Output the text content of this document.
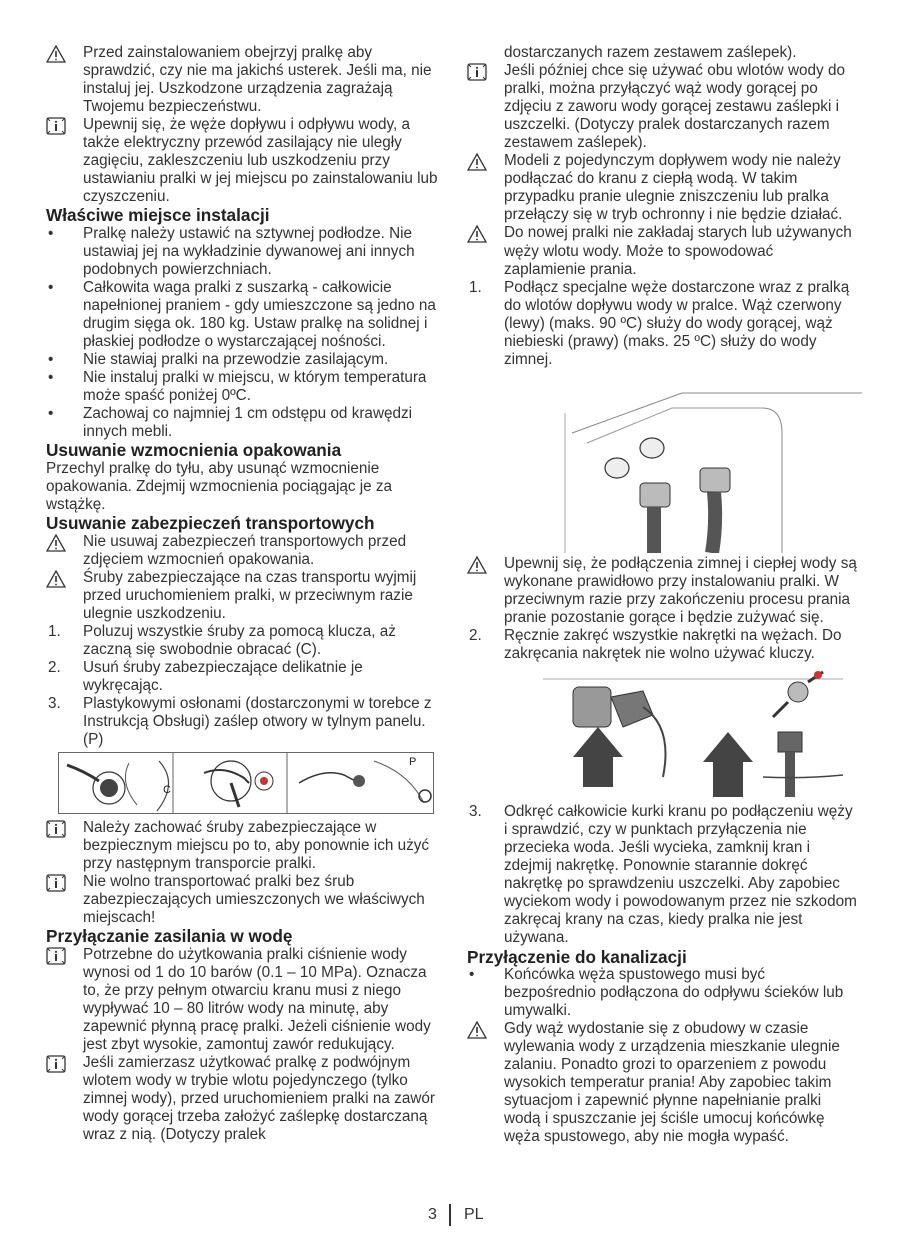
Przed zainstalowaniem obejrzyj pralkę aby sprawdzić, czy nie ma jakichś usterek. Jeśli ma, nie instaluj jej. Uszkodzone urządzenia zagrażają Twojemu bezpieczeństwu.
Upewnij się, że węże dopływu i odpływu wody, a także elektryczny przewód zasilający nie uległy zagięciu, zakleszczeniu lub uszkodzeniu przy ustawianiu pralki w jej miejscu po zainstalowaniu lub czyszczeniu.

Właściwe miejsce instalacji

• Pralkę należy ustawić na sztywnej podłodze. Nie ustawiaj jej na wykładzinie dywanowej ani innych podobnych powierzchniach.
• Całkowita waga pralki z suszarką - całkowicie napełnionej praniem - gdy umieszczone są jedno na drugim sięga ok. 180 kg. Ustaw pralkę na solidnej i płaskiej podłodze o wystarczającej nośności.
• Nie stawiaj pralki na przewodzie zasilającym.
• Nie instaluj pralki w miejscu, w którym temperatura może spaść poniżej 0ºC.
• Zachowaj co najmniej 1 cm odstępu od krawędzi innych mebli.

Usuwanie wzmocnienia opakowania

Przechyl pralkę do tyłu, aby usunąć wzmocnienie opakowania. Zdejmij wzmocnienia pociągając je za wstążkę.

Usuwanie zabezpieczeń transportowych

Nie usuwaj zabezpieczeń transportowych przed zdjęciem wzmocnień opakowania.
Śruby zabezpieczające na czas transportu wyjmij przed uruchomieniem pralki, w przeciwnym razie ulegnie uszkodzeniu.
1. Poluzuj wszystkie śruby za pomocą klucza, aż zaczną się swobodnie obracać (C).
2. Usuń śruby zabezpieczające delikatnie je wykręcając.
3. Plastykowymi osłonami (dostarczonymi w torebce z Instrukcją Obsługi) zaślep otwory w tylnym panelu. (P)
C
P
Należy zachować śruby zabezpieczające w bezpiecznym miejscu po to, aby ponownie ich użyć przy następnym transporcie pralki.
Nie wolno transportować pralki bez śrub zabezpieczających umieszczonych we właściwych miejscach!

Przyłączanie zasilania w wodę

Potrzebne do użytkowania pralki ciśnienie wody wynosi od 1 do 10 barów (0.1 – 10 MPa). Oznacza to, że przy pełnym otwarciu kranu musi z niego wypływać 10 – 80 litrów wody na minutę, aby zapewnić płynną pracę pralki. Jeżeli ciśnienie wody jest zbyt wysokie, zamontuj zawór redukujący.
Jeśli zamierzasz użytkować pralkę z podwójnym wlotem wody w trybie wlotu pojedynczego (tylko zimnej wody), przed uruchomieniem pralki na zawór wody gorącej trzeba założyć zaślepkę dostarczaną wraz z nią. (Dotyczy pralek
dostarczanych razem zestawem zaślepek).
Jeśli później chce się używać obu wlotów wody do pralki, można przyłączyć wąż wody gorącej po zdjęciu z zaworu wody gorącej zestawu zaślepki i uszczelki. (Dotyczy pralek dostarczanych razem zestawem zaślepek).
Modeli z pojedynczym dopływem wody nie należy podłączać do kranu z ciepłą wodą. W takim przypadku pranie ulegnie zniszczeniu lub pralka przełączy się w tryb ochronny i nie będzie działać.
Do nowej pralki nie zakładaj starych lub używanych węży wlotu wody. Może to spowodować zaplamienie prania.
1. Podłącz specjalne węże dostarczone wraz z pralką do wlotów dopływu wody w pralce. Wąż czerwony (lewy) (maks. 90 ºC) służy do wody gorącej, wąż niebieski (prawy) (maks. 25 ºC) służy do wody zimnej.
Upewnij się, że podłączenia zimnej i ciepłej wody są wykonane prawidłowo przy instalowaniu pralki. W przeciwnym razie przy zakończeniu procesu prania pranie pozostanie gorące i będzie zużywać się.
2. Ręcznie zakręć wszystkie nakrętki na wężach. Do zakręcania nakrętek nie wolno używać kluczy.
3. Odkręć całkowicie kurki kranu po podłączeniu węży i sprawdzić, czy w punktach przyłączenia nie przecieka woda. Jeśli wycieka, zamknij kran i zdejmij nakrętkę. Ponownie starannie dokręć nakrętkę po sprawdzeniu uszczelki. Aby zapobiec wyciekom wody i powodowanym przez nie szkodom zakręcaj krany na czas, kiedy pralka nie jest używana.

Przyłączenie do kanalizacji

• Końcówka węża spustowego musi być bezpośrednio podłączona do odpływu ścieków lub umywalki.
Gdy wąż wydostanie się z obudowy w czasie wylewania wody z urządzenia mieszkanie ulegnie zalaniu. Ponadto grozi to oparzeniem z powodu wysokich temperatur prania! Aby zapobiec takim sytuacjom i zapewnić płynne napełnianie pralki wodą i spuszczanie jej ściśle umocuj końcówkę węża spustowego, aby nie mogła wypaść.
3 PL
